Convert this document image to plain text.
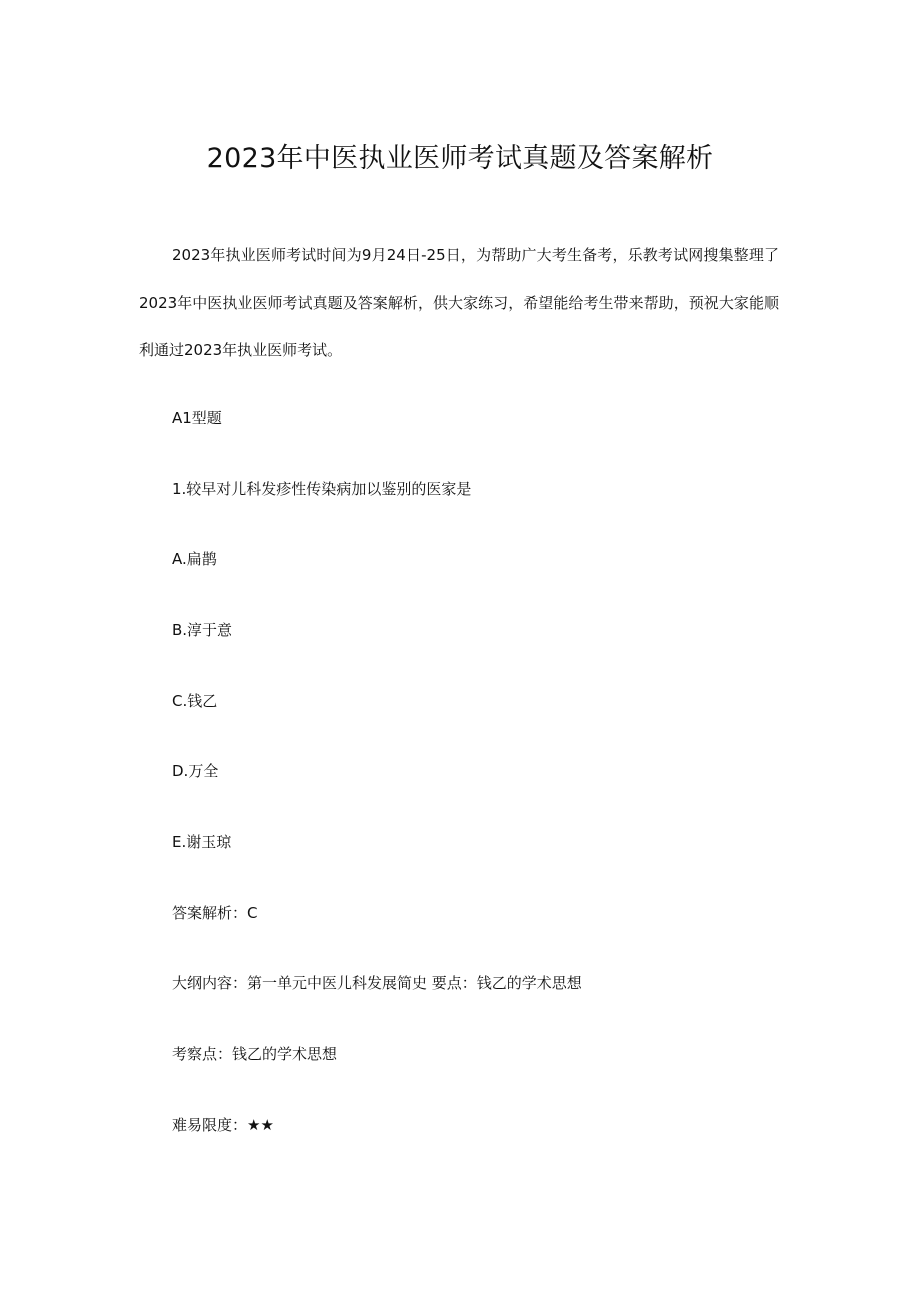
2023年中医执业医师考试真题及答案解析

2023年执业医师考试时间为9月24日-25日，为帮助广大考生备考，乐教考试网搜集整理了2023年中医执业医师考试真题及答案解析，供大家练习，希望能给考生带来帮助，预祝大家能顺利通过2023年执业医师考试。

A1型题

1.较早对儿科发疹性传染病加以鉴别的医家是

A.扁鹊

B.淳于意

C.钱乙

D.万全

E.谢玉琼

答案解析：C

大纲内容：第一单元中医儿科发展简史 要点：钱乙的学术思想

考察点：钱乙的学术思想

难易限度：★★
